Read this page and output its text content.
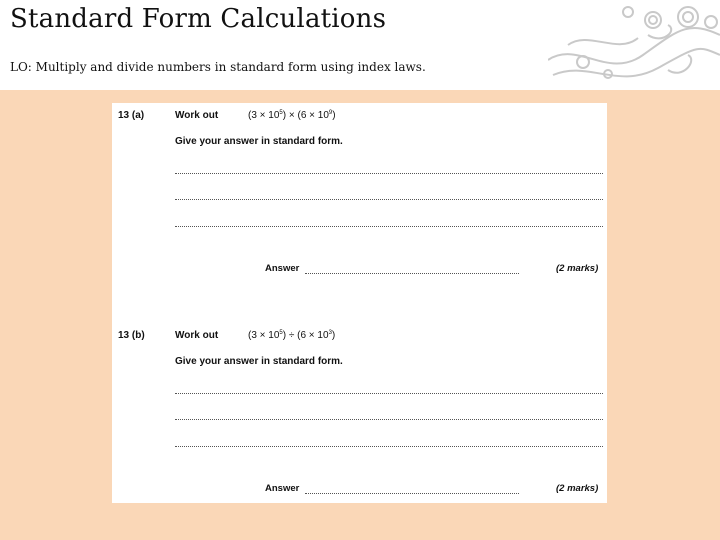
Standard Form Calculations
LO: Multiply and divide numbers in standard form using index laws.
13 (a)	Work out	$(3 \times 10^5) \times (6 \times 10^9)$
Give your answer in standard form.
Answer	(2 marks)
13 (b)	Work out	$(3 \times 10^5) \div (6 \times 10^3)$
Give your answer in standard form.
Answer	(2 marks)
